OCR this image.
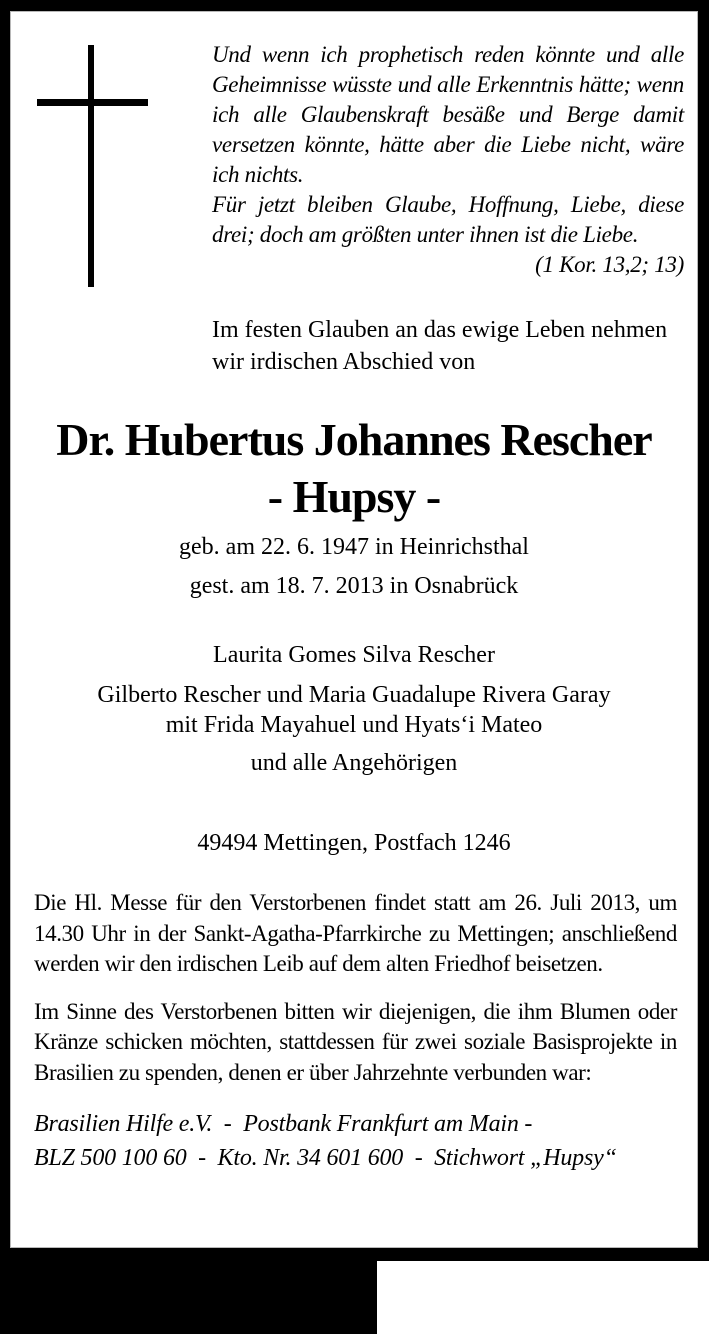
Und wenn ich prophetisch reden könnte und alle Geheimnisse wüsste und alle Erkenntnis hätte; wenn ich alle Glaubenskraft besäße und Berge damit versetzen könnte, hätte aber die Liebe nicht, wäre ich nichts.

Für jetzt bleiben Glaube, Hoffnung, Liebe, diese drei; doch am größten unter ihnen ist die Liebe.

(1 Kor. 13,2; 13)

Im festen Glauben an das ewige Leben nehmen wir irdischen Abschied von
Dr. Hubertus Johannes Rescher
- Hupsy -
geb. am 22. 6. 1947 in Heinrichsthal
gest. am 18. 7. 2013 in Osnabrück
Laurita Gomes Silva Rescher
Gilberto Rescher und Maria Guadalupe Rivera Garay
mit Frida Mayahuel und Hyats‘i Mateo
und alle Angehörigen
49494 Mettingen, Postfach 1246

Die Hl. Messe für den Verstorbenen findet statt am 26. Juli 2013, um 14.30 Uhr in der Sankt-Agatha-Pfarrkirche zu Mettingen; anschließend werden wir den irdischen Leib auf dem alten Friedhof beisetzen.

Im Sinne des Verstorbenen bitten wir diejenigen, die ihm Blumen oder Kränze schicken möchten, stattdessen für zwei soziale Basisprojekte in Brasilien zu spenden, denen er über Jahrzehnte verbunden war:

Brasilien Hilfe e.V.  -  Postbank Frankfurt am Main -
BLZ 500 100 60  -  Kto. Nr. 34 601 600  -  Stichwort „Hupsy“
